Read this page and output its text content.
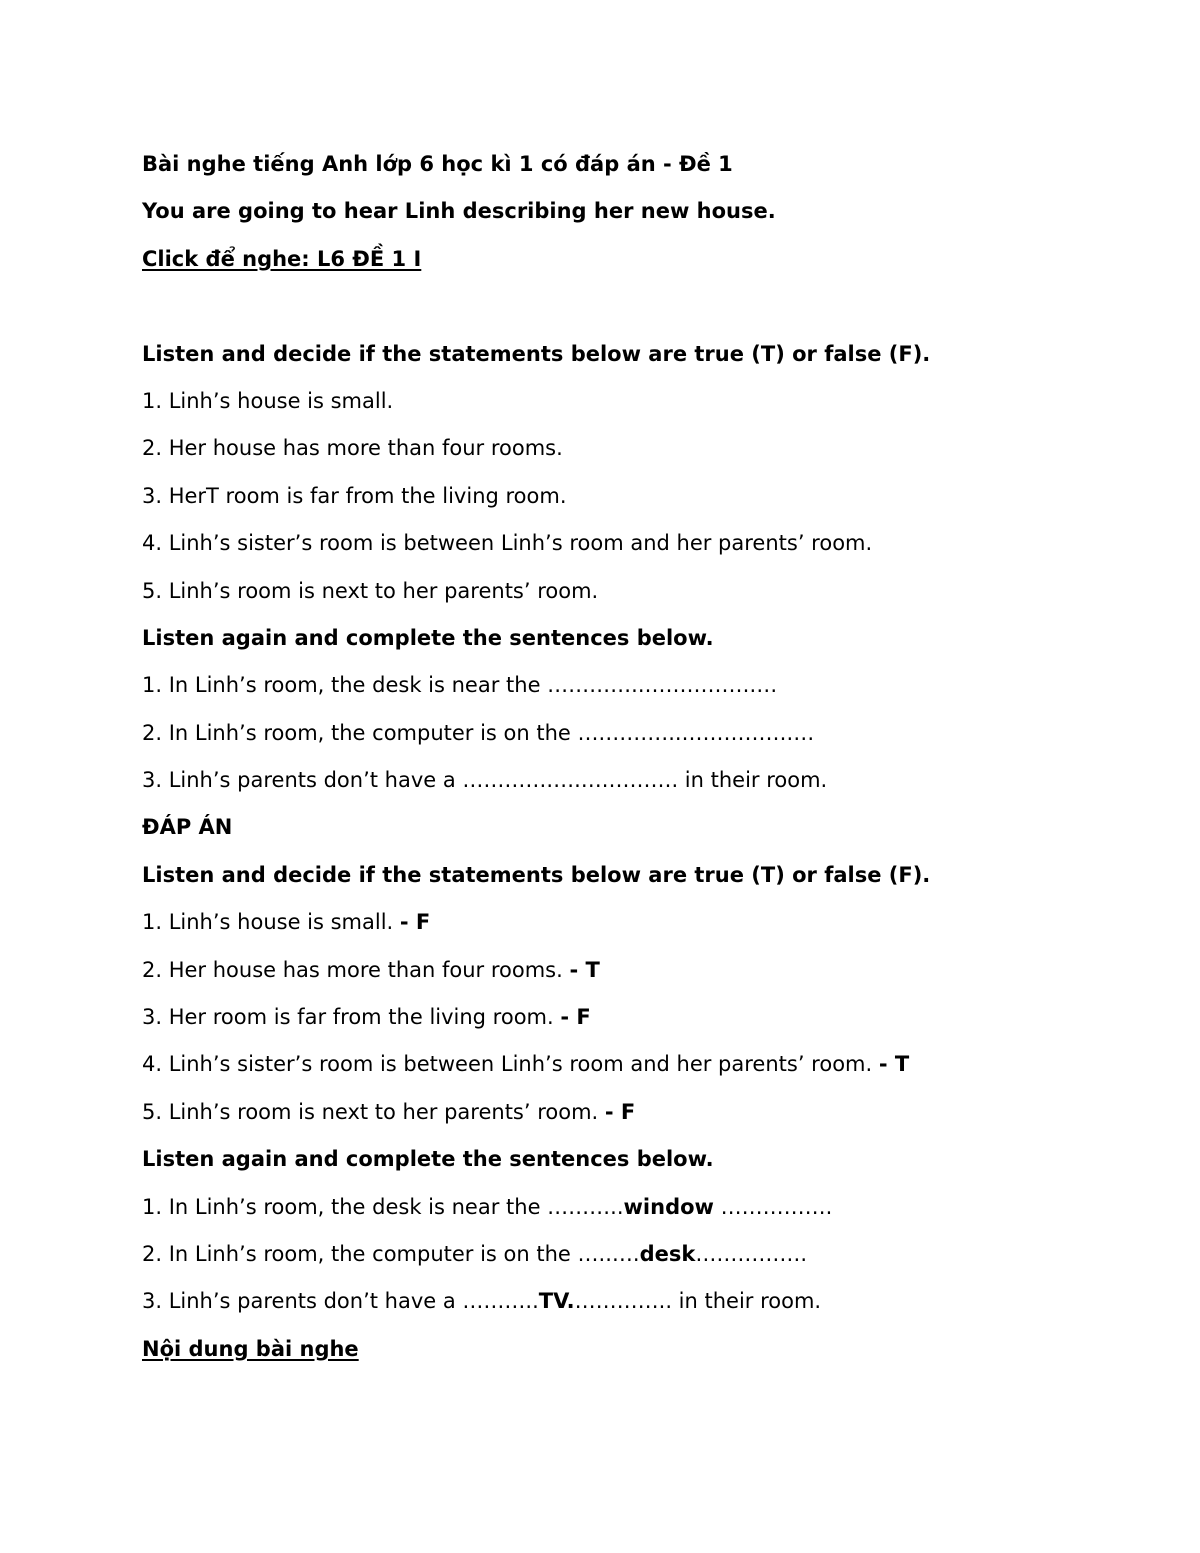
Bài nghe tiếng Anh lớp 6 học kì 1 có đáp án - Đề 1
You are going to hear Linh describing her new house.
Click để nghe: L6 ĐỀ 1 I
Listen and decide if the statements below are true (T) or false (F).
1. Linh’s house is small.
2. Her house has more than four rooms.
3. HerT room is far from the living room.
4. Linh’s sister’s room is between Linh’s room and her parents’ room.
5. Linh’s room is next to her parents’ room.
Listen again and complete the sentences below.
1. In Linh’s room, the desk is near the …………..…………….…
2. In Linh’s room, the computer is on the ….………..…………….…
3. Linh’s parents don’t have a ………….….….………. in their room.
ĐÁP ÁN
Listen and decide if the statements below are true (T) or false (F).
1. Linh’s house is small. - F
2. Her house has more than four rooms. - T
3. Her room is far from the living room. - F
4. Linh’s sister’s room is between Linh’s room and her parents’ room. - T
5. Linh’s room is next to her parents’ room. - F
Listen again and complete the sentences below.
1. In Linh’s room, the desk is near the ………..window …………….
2. In Linh’s room, the computer is on the …..….desk…………….
3. Linh’s parents don’t have a ………..TV.………….. in their room.
Nội dung bài nghe
